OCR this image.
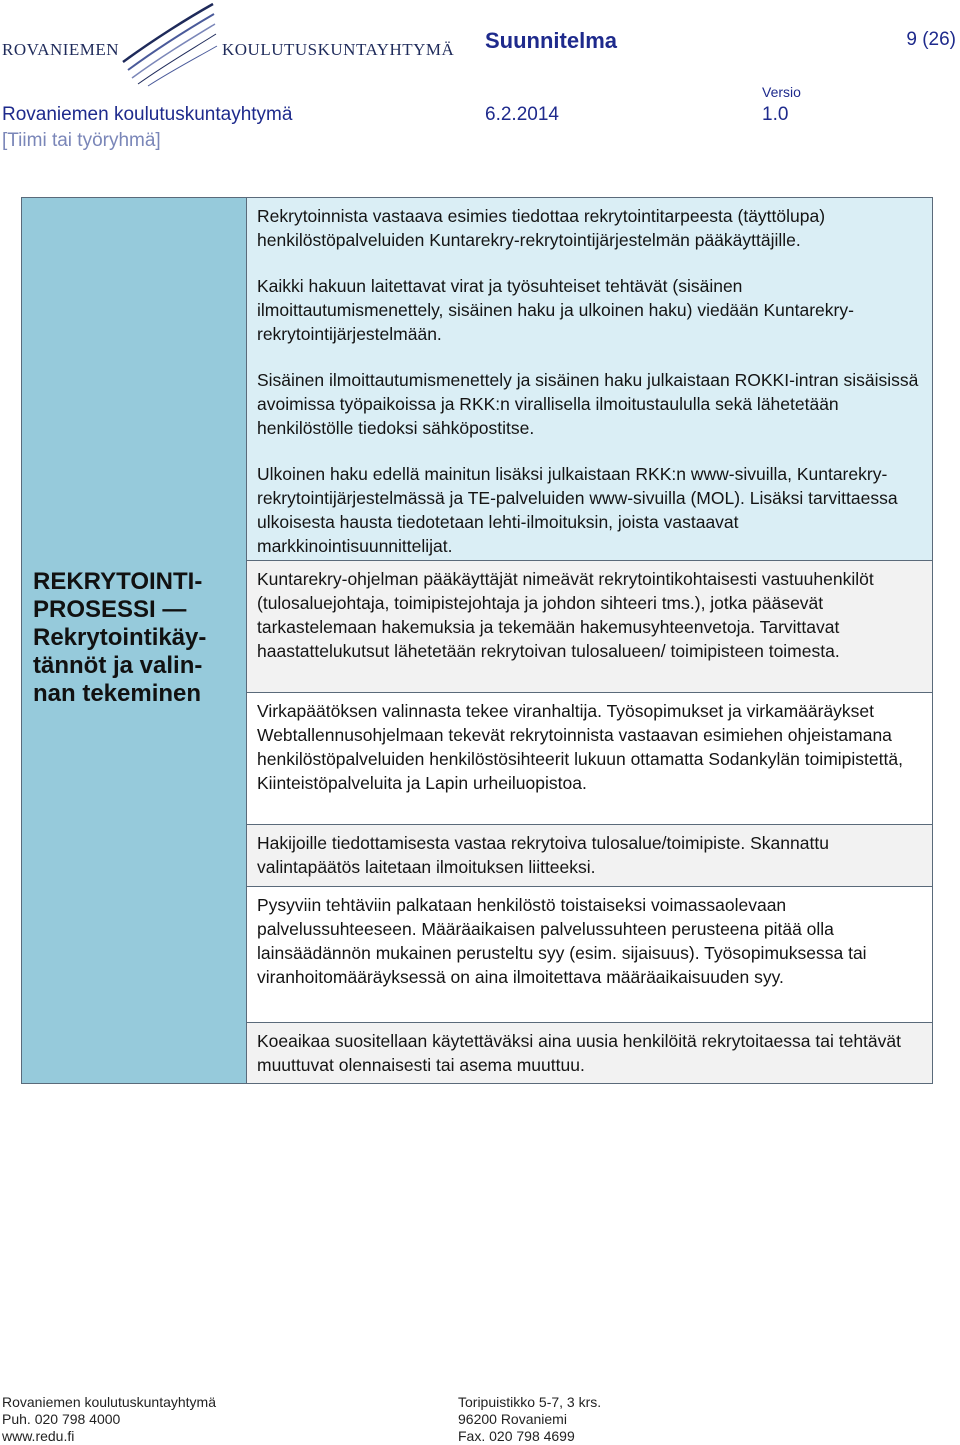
ROVANIEMEN	KOULUTUSKUNTAYHTYMÄ Suunnitelma	9 (26)
Rovaniemen koulutuskuntayhtymä	6.2.2014
Versio
1.0
[Tiimi tai työryhmä]
REKRYTOINTI-
PROSESSI —
Rekrytointikäy-
tännöt ja valin-
nan tekeminen

Rekrytoinnista vastaava esimies tiedottaa rekrytointitarpeesta (täyttölupa) henkilöstöpalveluiden Kuntarekry-rekrytointijärjestelmän pääkäyttäjille.

Kaikki hakuun laitettavat virat ja työsuhteiset tehtävät (sisäinen ilmoittautumismenettely, sisäinen haku ja ulkoinen haku) viedään Kuntarekry-rekrytointijärjestelmään.

Sisäinen ilmoittautumismenettely ja sisäinen haku julkaistaan ROKKI-intran sisäisissä avoimissa työpaikoissa ja RKK:n virallisella ilmoitustaululla sekä lähetetään henkilöstölle tiedoksi sähköpostitse.

Ulkoinen haku edellä mainitun lisäksi julkaistaan RKK:n www-sivuilla, Kuntarekry-rekrytointijärjestelmässä ja TE-palveluiden www-sivuilla (MOL). Lisäksi tarvittaessa ulkoisesta hausta tiedotetaan lehti-ilmoituksin, joista vastaavat markkinointisuunnittelijat.

Kuntarekry-ohjelman pääkäyttäjät nimeävät rekrytointikohtaisesti vastuuhenkilöt (tulosaluejohtaja, toimipistejohtaja ja johdon sihteeri tms.), jotka pääsevät tarkastelemaan hakemuksia ja tekemään hakemusyhteenvetoja. Tarvittavat haastattelukutsut lähetetään rekrytoivan tulosalueen/ toimipisteen toimesta.

Virkapäätöksen valinnasta tekee viranhaltija. Työsopimukset ja virkamääräykset Webtallennusohjelmaan tekevät rekrytoinnista vastaavan esimiehen ohjeistamana henkilöstöpalveluiden henkilöstösihteerit lukuun ottamatta Sodankylän toimipistettä, Kiinteistöpalveluita ja Lapin urheiluopistoa.

Hakijoille tiedottamisesta vastaa rekrytoiva tulosalue/toimipiste. Skannattu valintapäätös laitetaan ilmoituksen liitteeksi.

Pysyviin tehtäviin palkataan henkilöstö toistaiseksi voimassaolevaan palvelussuhteeseen. Määräaikaisen palvelussuhteen perusteena pitää olla lainsäädännön mukainen perusteltu syy (esim. sijaisuus). Työsopimuksessa tai viranhoitomääräyksessä on aina ilmoitettava määräaikaisuuden syy.

Koeaikaa suositellaan käytettäväksi aina uusia henkilöitä rekrytoitaessa tai tehtävät muuttuvat olennaisesti tai asema muuttuu.

Rovaniemen koulutuskuntayhtymä
Puh. 020 798 4000
www.redu.fi
Toripuistikko 5-7, 3 krs.
96200 Rovaniemi
Fax. 020 798 4699
